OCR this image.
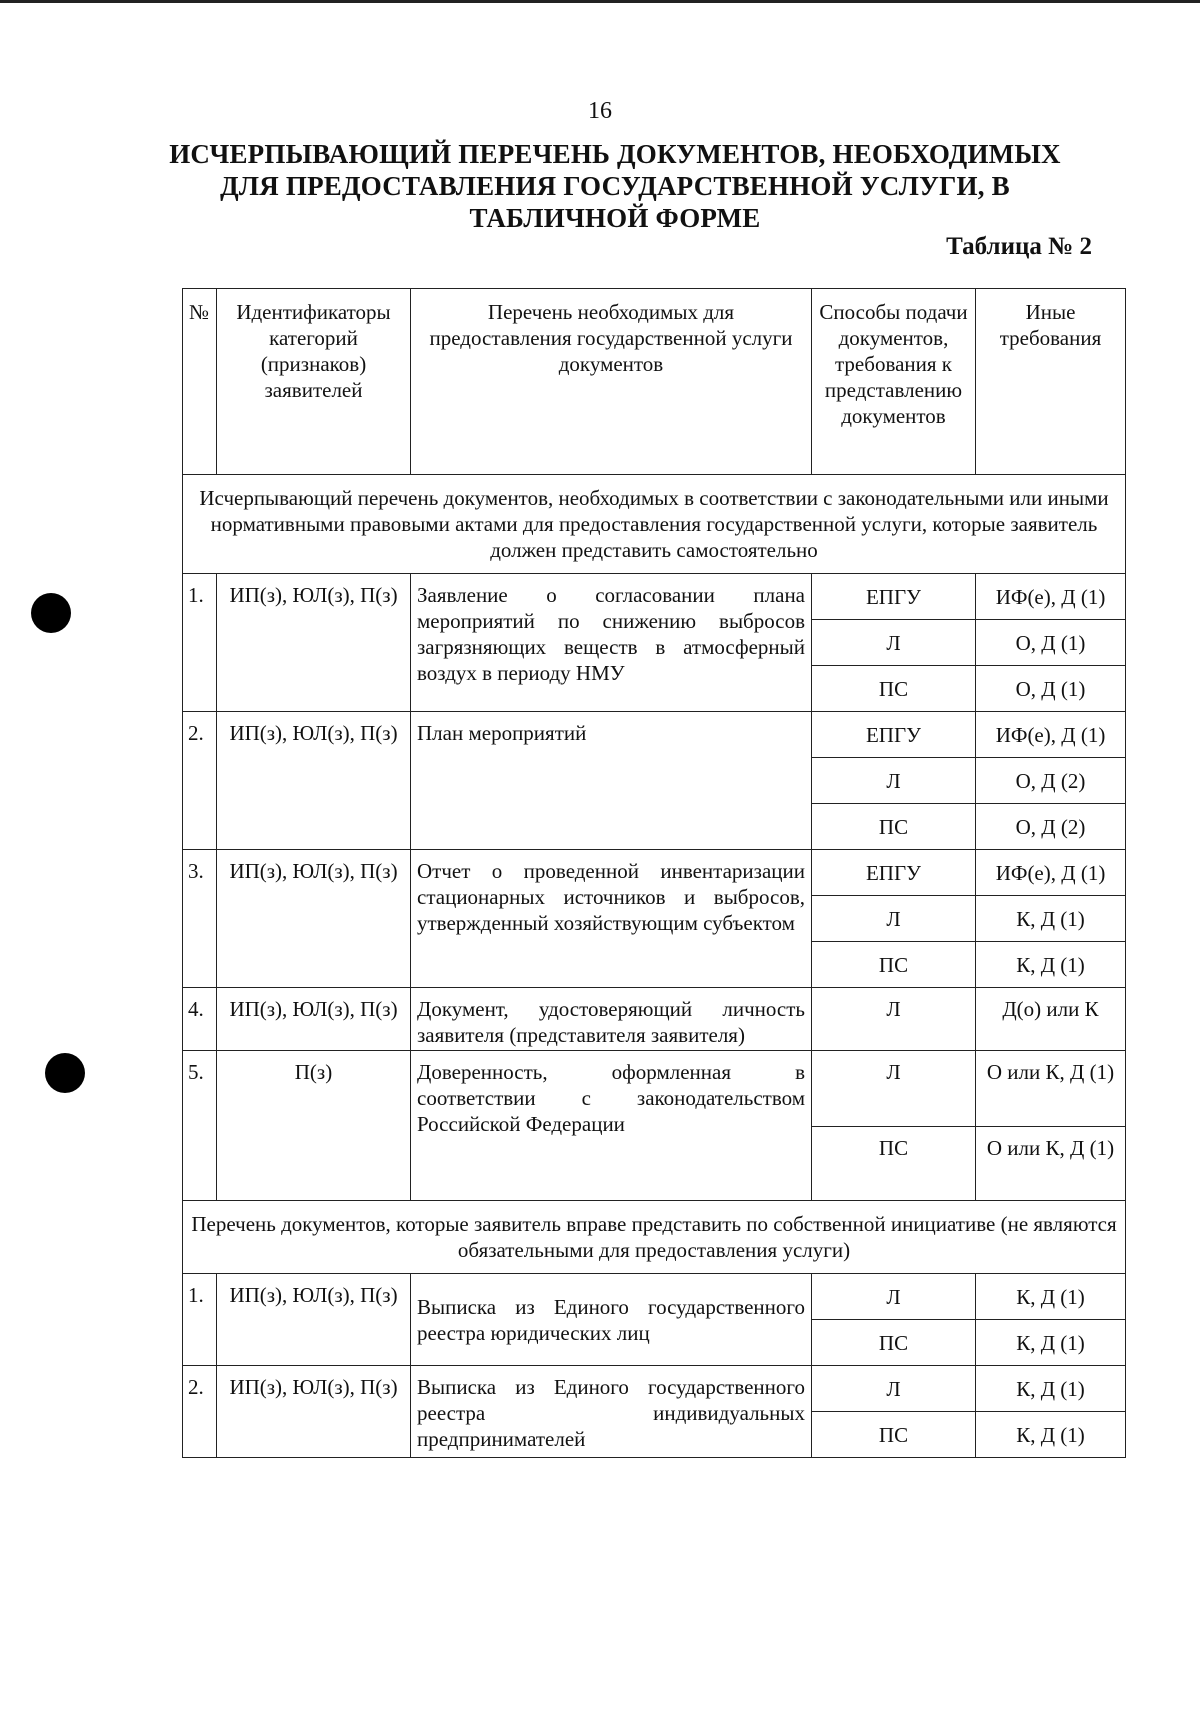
16
ИСЧЕРПЫВАЮЩИЙ ПЕРЕЧЕНЬ ДОКУМЕНТОВ, НЕОБХОДИМЫХ ДЛЯ ПРЕДОСТАВЛЕНИЯ ГОСУДАРСТВЕННОЙ УСЛУГИ, В ТАБЛИЧНОЙ ФОРМЕ
Таблица № 2
№	Идентификаторы категорий (признаков) заявителей	Перечень необходимых для предоставления государственной услуги документов	Способы подачи документов, требования к представлению документов	Иные требования
Исчерпывающий перечень документов, необходимых в соответствии с законодательными или иными нормативными правовыми актами для предоставления государственной услуги, которые заявитель должен представить самостоятельно				
1.	ИП(з), ЮЛ(з), П(з)	Заявление о согласовании плана мероприятий по снижению выбросов загрязняющих веществ в атмосферный воздух в периоду НМУ	ЕПГУ	ИФ(е), Д (1)
			Л	О, Д (1)
			ПС	О, Д (1)
2.	ИП(з), ЮЛ(з), П(з)	План мероприятий	ЕПГУ	ИФ(е), Д (1)
			Л	О, Д (2)
			ПС	О, Д (2)
3.	ИП(з), ЮЛ(з), П(з)	Отчет о проведенной инвентаризации стационарных источников и выбросов, утвержденный хозяйствующим субъектом	ЕПГУ	ИФ(е), Д (1)
			Л	К, Д (1)
			ПС	К, Д (1)
4.	ИП(з), ЮЛ(з), П(з)	Документ, удостоверяющий личность заявителя (представителя заявителя)	Л	Д(о) или К
5.	П(з)	Доверенность, оформленная в соответствии с законодательством Российской Федерации	Л	О или К, Д (1)
			ПС	О или К, Д (1)
Перечень документов, которые заявитель вправе представить по собственной инициативе (не являются обязательными для предоставления услуги)				
1.	ИП(з), ЮЛ(з), П(з)	Выписка из Единого государственного реестра юридических лиц	Л	К, Д (1)
			ПС	К, Д (1)
2.	ИП(з), ЮЛ(з), П(з)	Выписка из Единого государственного реестра индивидуальных предпринимателей	Л	К, Д (1)
			ПС	К, Д (1)
